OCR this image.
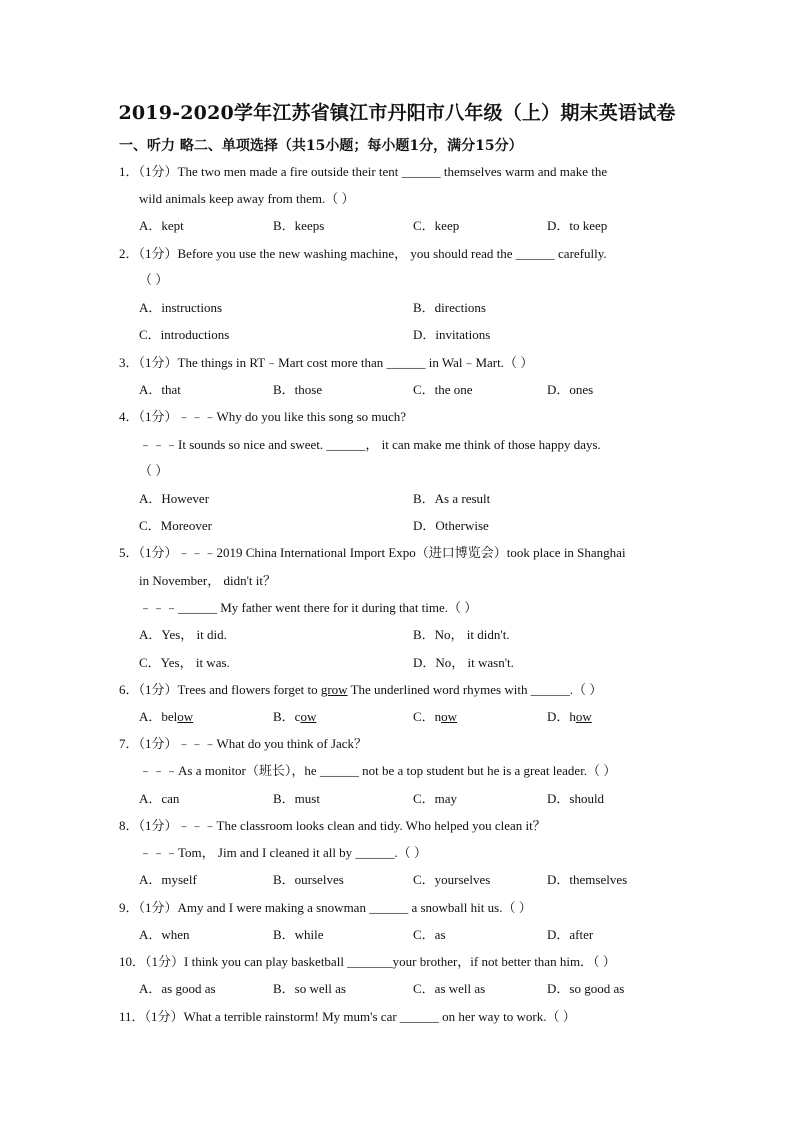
2019-2020学年江苏省镇江市丹阳市八年级（上）期末英语试卷
一、听力 略二、单项选择（共15小题；每小题1分，满分15分）
1．（1分）The two men made a fire outside their tent ______ themselves warm and make the
wild animals keep away from them.（ ）
A．kept	B．keeps	C．keep	D．to keep
2．（1分）Before you use the new washing machine， you should read the ______ carefully.
（ ）
A．instructions	B．directions
C．introductions	D．invitations
3．（1分）The things in RT﹣Mart cost more than ______ in Wal﹣Mart.（ ）
A．that	B．those	C．the one	D．ones
4．（1分）﹣﹣﹣Why do you like this song so much?
﹣﹣﹣It sounds so nice and sweet. ______， it can make me think of those happy days.
（ ）
A．However	B．As a result
C．Moreover	D．Otherwise
5．（1分）﹣﹣﹣2019 China International Import Expo（进口博览会）took place in Shanghai
in November， didn't it？
﹣﹣﹣______ My father went there for it during that time.（ ）
A．Yes， it did.	B．No， it didn't.
C．Yes， it was.	D．No， it wasn't.
6．（1分）Trees and flowers forget to grow The underlined word rhymes with ______.（ ）
A．below	B．cow	C．now	D．how
7．（1分）﹣﹣﹣What do you think of Jack？
﹣﹣﹣As a monitor（班长），he ______ not be a top student but he is a great leader.（ ）
A．can	B．must	C．may	D．should
8．（1分）﹣﹣﹣The classroom looks clean and tidy. Who helped you clean it？
﹣﹣﹣Tom， Jim and I cleaned it all by ______.（ ）
A．myself	B．ourselves	C．yourselves	D．themselves
9．（1分）Amy and I were making a snowman ______ a snowball hit us.（ ）
A．when	B．while	C．as	D．after
10．（1分）I think you can play basketball _______your brother，if not better than him．（ ）
A．as good as	B．so well as	C．as well as	D．so good as
11．（1分）What a terrible rainstorm! My mum's car ______ on her way to work.（ ）
